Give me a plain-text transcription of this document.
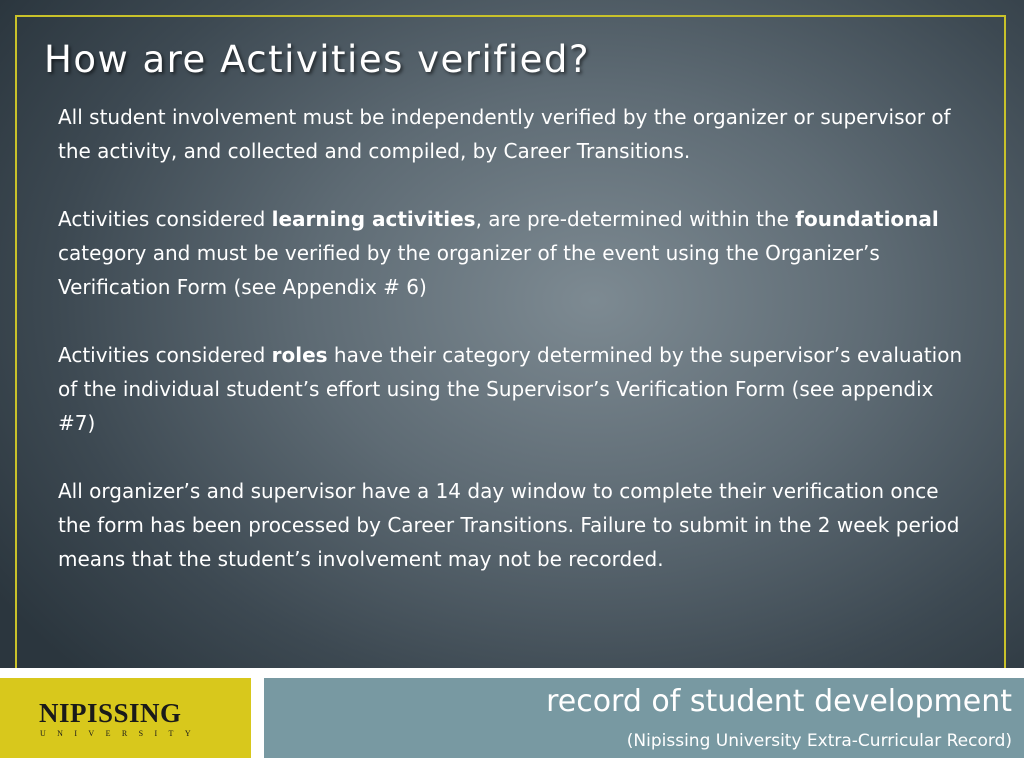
How are Activities verified?

All student involvement must be independently verified by the organizer or supervisor of the activity, and collected and compiled, by Career Transitions.

Activities considered learning activities, are pre-determined within the foundational category and must be verified by the organizer of the event using the Organizer’s Verification Form (see Appendix # 6)

Activities considered roles have their category determined by the supervisor’s evaluation of the individual student’s effort using the Supervisor’s Verification Form (see appendix #7)

All organizer’s and supervisor have a 14 day window to complete their verification once the form has been processed by Career Transitions. Failure to submit in the 2 week period means that the student’s involvement may not be recorded.

NIPISSING
UNIVERSITY
record of student development
(Nipissing University Extra-Curricular Record)
